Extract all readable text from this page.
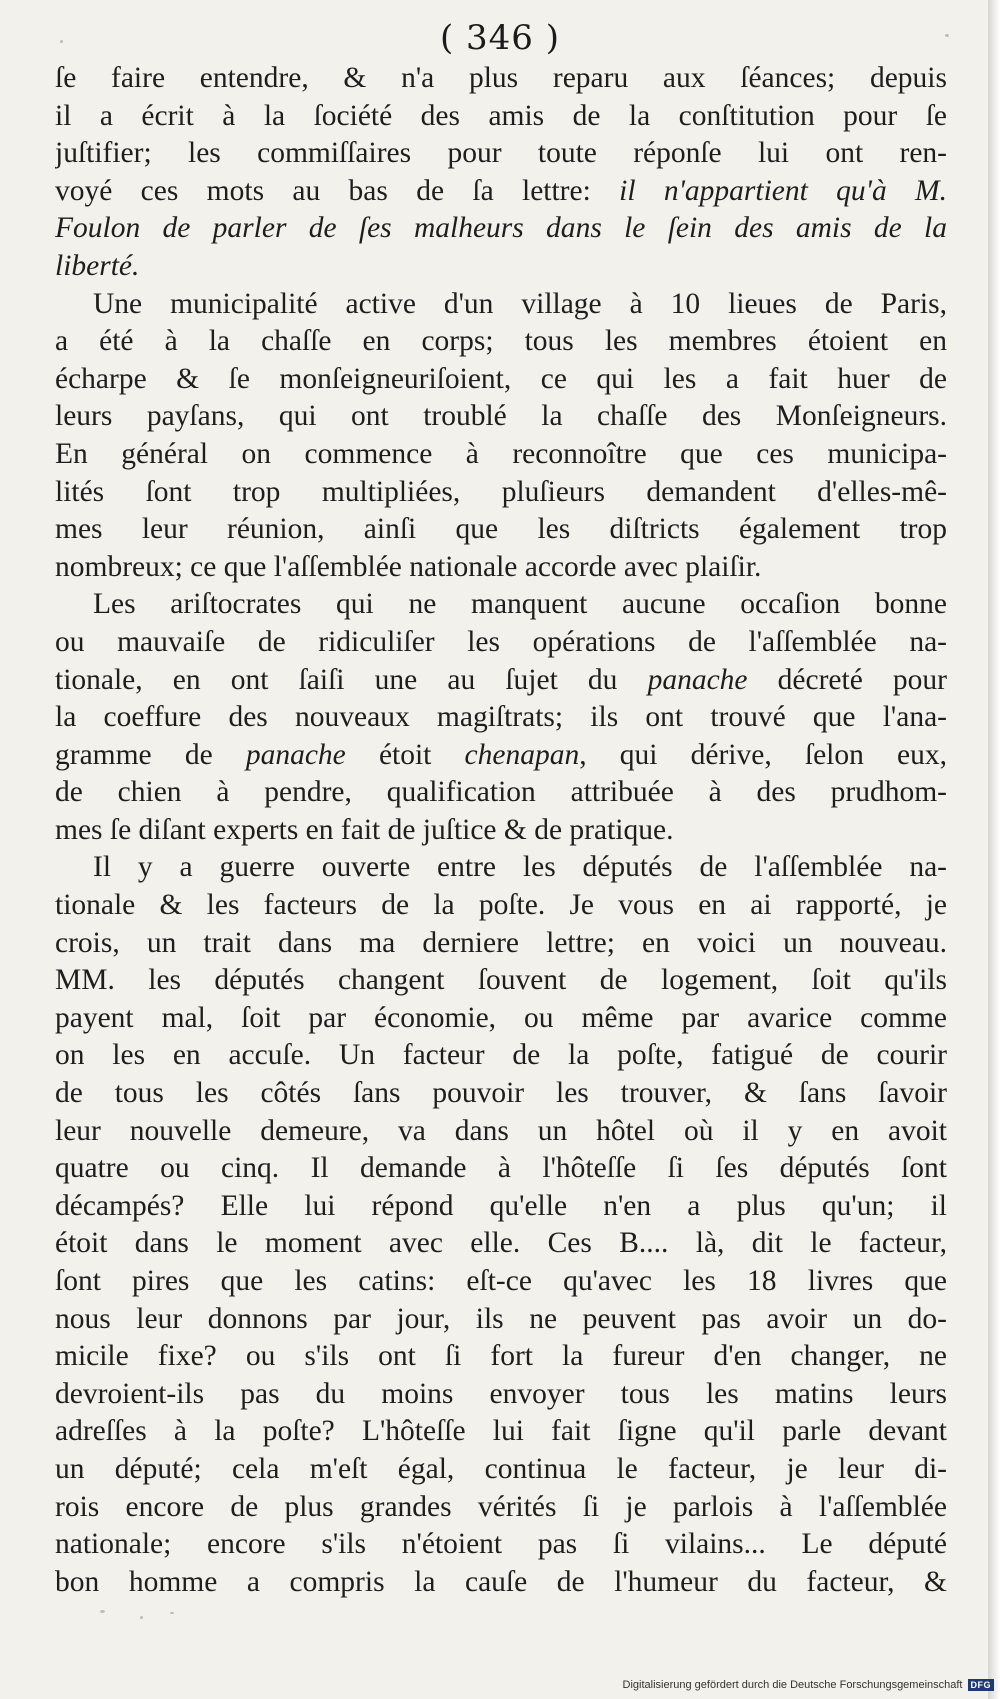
( 346 )
ſe faire entendre, & n'a plus reparu aux ſéances; depuis
il a écrit à la ſociété des amis de la conſtitution pour ſe
juſtifier; les commiſſaires pour toute réponſe lui ont ren-
voyé ces mots au bas de ſa lettre: il n'appartient qu'à M.
Foulon de parler de ſes malheurs dans le ſein des amis de la
liberté.
Une municipalité active d'un village à 10 lieues de Paris,
a été à la chaſſe en corps; tous les membres étoient en
écharpe & ſe monſeigneuriſoient, ce qui les a fait huer de
leurs payſans, qui ont troublé la chaſſe des Monſeigneurs.
En général on commence à reconnoître que ces municipa-
lités ſont trop multipliées, pluſieurs demandent d'elles-mê-
mes leur réunion, ainſi que les diſtricts également trop
nombreux; ce que l'aſſemblée nationale accorde avec plaiſir.
Les ariſtocrates qui ne manquent aucune occaſion bonne
ou mauvaiſe de ridiculiſer les opérations de l'aſſemblée na-
tionale, en ont ſaiſi une au ſujet du panache décreté pour
la coeffure des nouveaux magiſtrats; ils ont trouvé que l'ana-
gramme de panache étoit chenapan, qui dérive, ſelon eux,
de chien à pendre, qualification attribuée à des prudhom-
mes ſe diſant experts en fait de juſtice & de pratique.
Il y a guerre ouverte entre les députés de l'aſſemblée na-
tionale & les facteurs de la poſte. Je vous en ai rapporté, je
crois, un trait dans ma derniere lettre; en voici un nouveau.
MM. les députés changent ſouvent de logement, ſoit qu'ils
payent mal, ſoit par économie, ou même par avarice comme
on les en accuſe. Un facteur de la poſte, fatigué de courir
de tous les côtés ſans pouvoir les trouver, & ſans ſavoir
leur nouvelle demeure, va dans un hôtel où il y en avoit
quatre ou cinq. Il demande à l'hôteſſe ſi ſes députés ſont
décampés? Elle lui répond qu'elle n'en a plus qu'un; il
étoit dans le moment avec elle. Ces B.... là, dit le facteur,
ſont pires que les catins: eſt-ce qu'avec les 18 livres que
nous leur donnons par jour, ils ne peuvent pas avoir un do-
micile fixe? ou s'ils ont ſi fort la fureur d'en changer, ne
devroient-ils pas du moins envoyer tous les matins leurs
adreſſes à la poſte? L'hôteſſe lui fait ſigne qu'il parle devant
un député; cela m'eſt égal, continua le facteur, je leur di-
rois encore de plus grandes vérités ſi je parlois à l'aſſemblée
nationale; encore s'ils n'étoient pas ſi vilains... Le député
bon homme a compris la cauſe de l'humeur du facteur, &
Digitalisierung gefördert durch die Deutsche Forschungsgemeinschaft DFG
